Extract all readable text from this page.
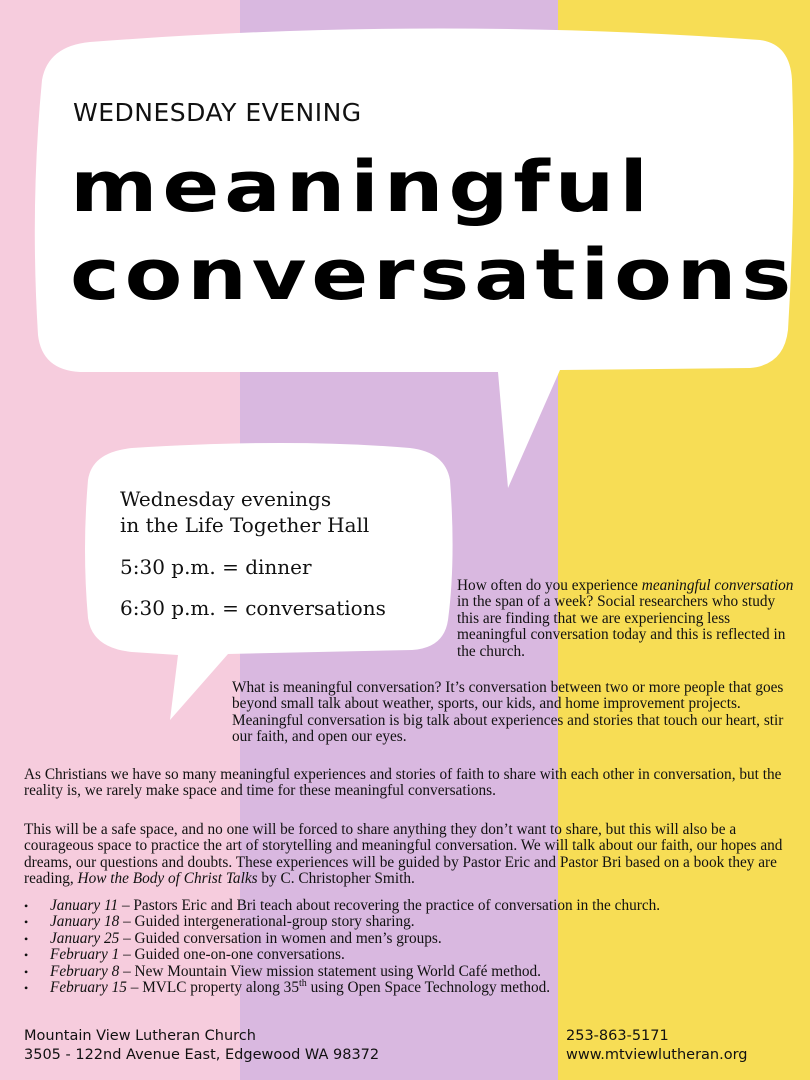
WEDNESDAY EVENING
meaningful
conversations

Wednesday evenings

in the Life Together Hall

5:30 p.m. = dinner

6:30 p.m. = conversations

How often do you experience meaningful conversation in the span of a week? Social researchers who study this are finding that we are experiencing less meaningful conversation today and this is reflected in the church.

What is meaningful conversation? It’s conversation between two or more people that goes beyond small talk about weather, sports, our kids, and home improvement projects. Meaningful conversation is big talk about experiences and stories that touch our heart, stir our faith, and open our eyes.

As Christians we have so many meaningful experiences and stories of faith to share with each other in conversation, but the reality is, we rarely make space and time for these meaningful conversations.

This will be a safe space, and no one will be forced to share anything they don’t want to share, but this will also be a courageous space to practice the art of storytelling and meaningful conversation. We will talk about our faith, our hopes and dreams, our questions and doubts. These experiences will be guided by Pastor Eric and Pastor Bri based on a book they are reading, How the Body of Christ Talks by C. Christopher Smith.

• January 11 – Pastors Eric and Bri teach about recovering the practice of conversation in the church.
• January 18 – Guided intergenerational-group story sharing.
• January 25 – Guided conversation in women and men’s groups.
• February 1 – Guided one-on-one conversations.
• February 8 – New Mountain View mission statement using World Café method.
• February 15 – MVLC property along 35th using Open Space Technology method.

Mountain View Lutheran Church

3505 - 122nd Avenue East, Edgewood WA 98372

253-863-5171

www.mtviewlutheran.org
